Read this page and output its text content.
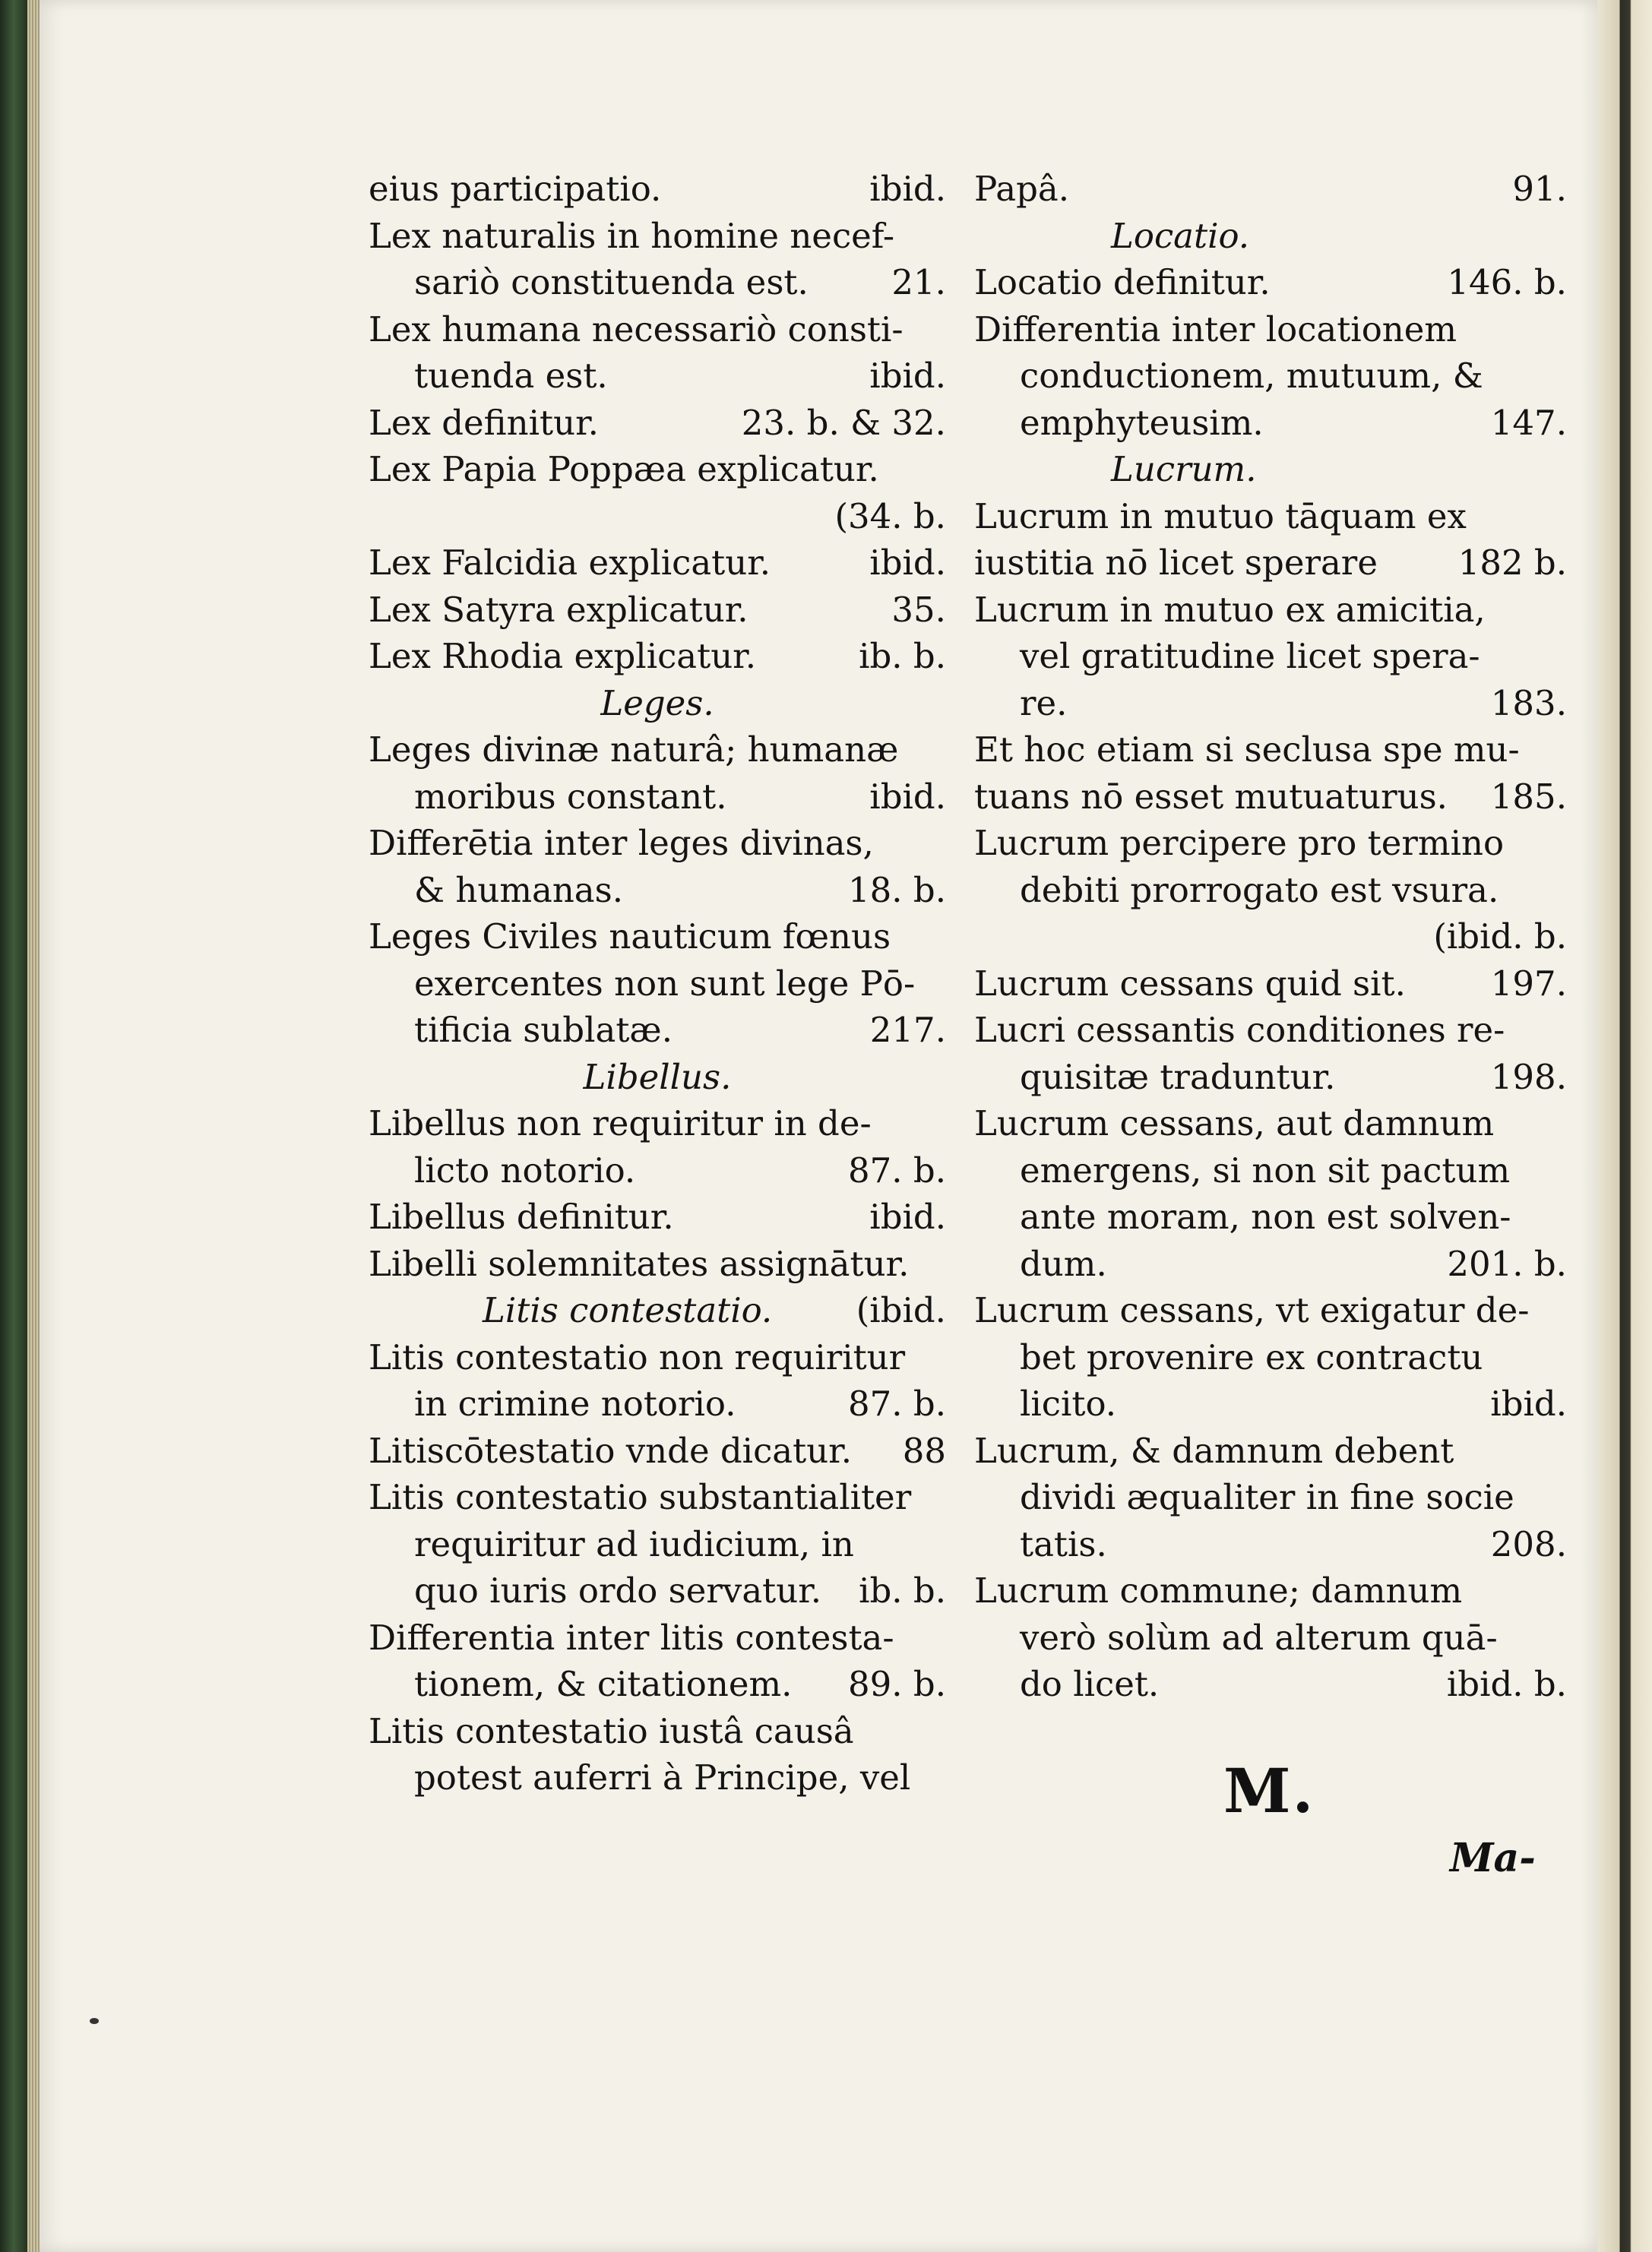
eius participatio.	ibid.
Lex naturalis in homine necef-
sariò constituenda est.	21.
Lex humana necessariò consti-
tuenda est.	ibid.
Lex definitur.	23. b. & 32.
Lex Papia Poppæa explicatur.
(34. b.
Lex Falcidia explicatur.	ibid.
Lex Satyra explicatur.	35.
Lex Rhodia explicatur.	ib. b.
Leges.
Leges divinæ naturâ; humanæ
moribus constant.	ibid.
Differētia inter leges divinas,
& humanas.	18. b.
Leges Civiles nauticum fœnus
exercentes non sunt lege Pō-
tificia sublatæ.	217.
Libellus.
Libellus non requiritur in de-
licto notorio.	87. b.
Libellus definitur.	ibid.
Libelli solemnitates assignātur.
Litis contestatio.	(ibid.
Litis contestatio non requiritur
in crimine notorio.	87. b.
Litiscōtestatio vnde dicatur.	88
Litis contestatio substantialiter
requiritur ad iudicium, in
quo iuris ordo servatur.	ib. b.
Differentia inter litis contesta-
tionem, & citationem.	89. b.
Litis contestatio iustâ causâ
potest auferri à Principe, vel
Papâ.	91.
Locatio.
Locatio definitur.	146. b.
Differentia inter locationem
conductionem, mutuum, &
emphyteusim.	147.
Lucrum.
Lucrum in mutuo tāquam ex
iustitia nō licet sperare	182 b.
Lucrum in mutuo ex amicitia,
vel gratitudine licet spera-
re.	183.
Et hoc etiam si seclusa spe mu-
tuans nō esset mutuaturus.	185.
Lucrum percipere pro termino
debiti prorrogato est vsura.
(ibid. b.
Lucrum cessans quid sit.	197.
Lucri cessantis conditiones re-
quisitæ traduntur.	198.
Lucrum cessans, aut damnum
emergens, si non sit pactum
ante moram, non est solven-
dum.	201. b.
Lucrum cessans, vt exigatur de-
bet provenire ex contractu
licito.	ibid.
Lucrum, & damnum debent
dividi æqualiter in fine socie
tatis.	208.
Lucrum commune; damnum
verò solùm ad alterum quā-
do licet.	ibid. b.
M.
Ma-
